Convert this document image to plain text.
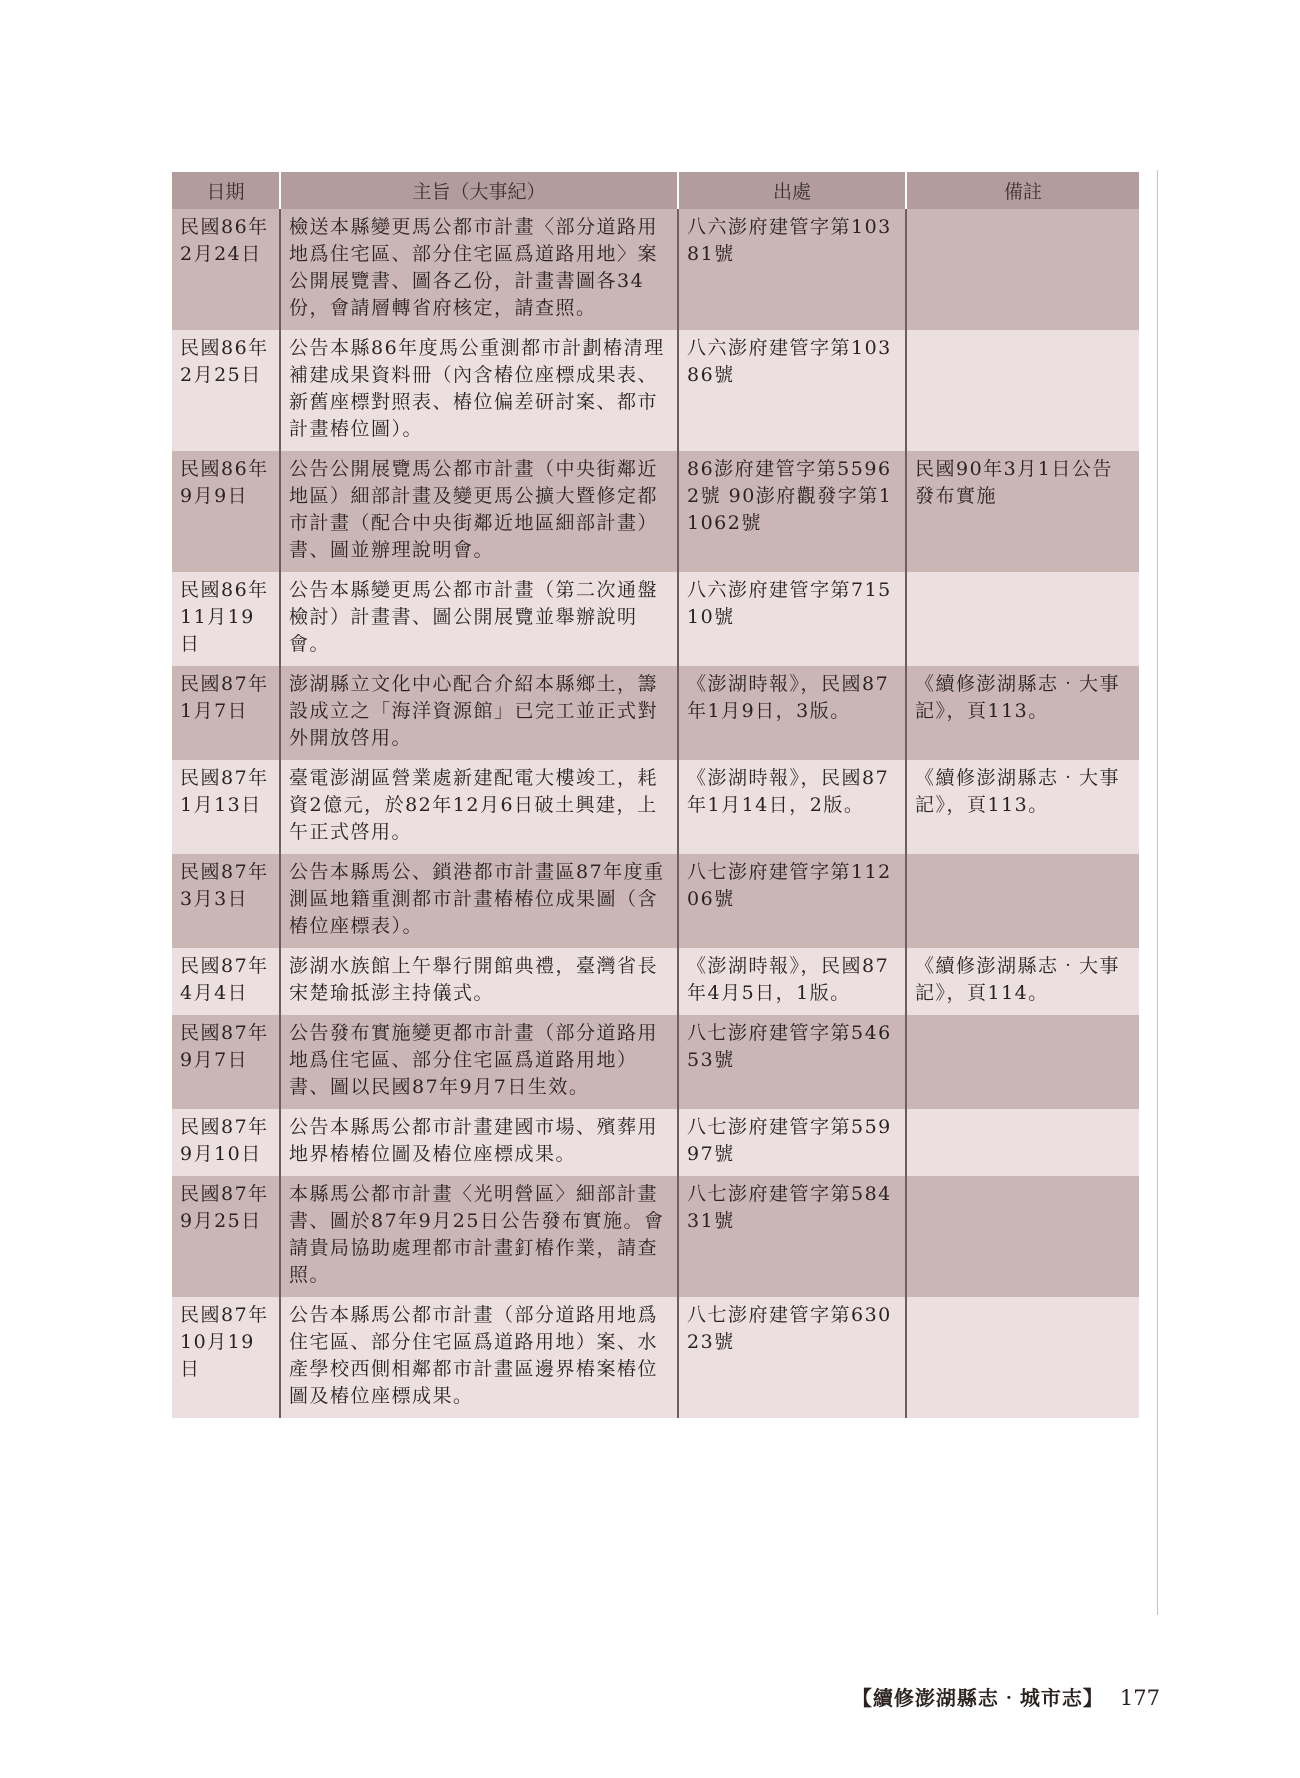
日期	主旨（大事紀）	出處	備註
民國86年2月24日	檢送本縣變更馬公都市計畫〈部分道路用地爲住宅區、部分住宅區爲道路用地〉案公開展覽書、圖各乙份，計畫書圖各34份，會請層轉省府核定，請查照。	八六澎府建管字第10381號	
民國86年2月25日	公告本縣86年度馬公重測都市計劃樁清理補建成果資料冊（內含樁位座標成果表、新舊座標對照表、樁位偏差研討案、都市計畫樁位圖）。	八六澎府建管字第10386號	
民國86年9月9日	公告公開展覽馬公都市計畫（中央街鄰近地區）細部計畫及變更馬公擴大暨修定都市計畫（配合中央街鄰近地區細部計畫）書、圖並辦理說明會。	86澎府建管字第55962號 90澎府觀發字第11062號	民國90年3月1日公告發布實施
民國86年11月19日	公告本縣變更馬公都市計畫（第二次通盤檢討）計畫書、圖公開展覽並舉辦說明會。	八六澎府建管字第71510號	
民國87年1月7日	澎湖縣立文化中心配合介紹本縣鄉土，籌設成立之「海洋資源館」已完工並正式對外開放啓用。	《澎湖時報》，民國87年1月9日，3版。	《續修澎湖縣志‧大事記》，頁113。
民國87年1月13日	臺電澎湖區營業處新建配電大樓竣工，耗資2億元，於82年12月6日破土興建，上午正式啓用。	《澎湖時報》，民國87年1月14日，2版。	《續修澎湖縣志‧大事記》，頁113。
民國87年3月3日	公告本縣馬公、鎖港都市計畫區87年度重測區地籍重測都市計畫樁樁位成果圖（含樁位座標表）。	八七澎府建管字第11206號	
民國87年4月4日	澎湖水族館上午舉行開館典禮，臺灣省長宋楚瑜抵澎主持儀式。	《澎湖時報》，民國87年4月5日，1版。	《續修澎湖縣志‧大事記》，頁114。
民國87年9月7日	公告發布實施變更都市計畫（部分道路用地爲住宅區、部分住宅區爲道路用地）書、圖以民國87年9月7日生效。	八七澎府建管字第54653號	
民國87年9月10日	公告本縣馬公都市計畫建國市場、殯葬用地界樁樁位圖及樁位座標成果。	八七澎府建管字第55997號	
民國87年9月25日	本縣馬公都市計畫〈光明營區〉細部計畫書、圖於87年9月25日公告發布實施。會請貴局協助處理都市計畫釘樁作業，請查照。	八七澎府建管字第58431號	
民國87年10月19日	公告本縣馬公都市計畫（部分道路用地爲住宅區、部分住宅區爲道路用地）案、水產學校西側相鄰都市計畫區邊界樁案樁位圖及樁位座標成果。	八七澎府建管字第63023號	
【續修澎湖縣志‧城市志】 177
